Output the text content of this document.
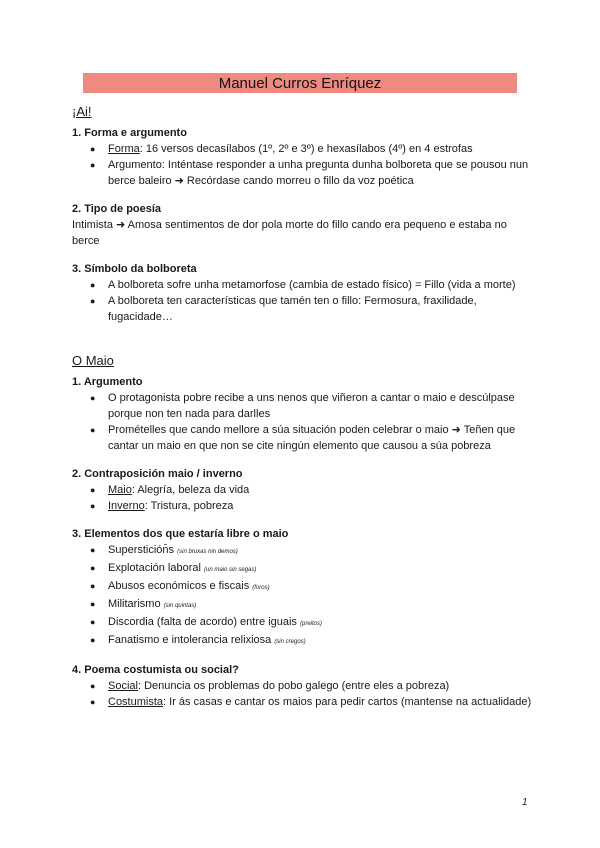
Manuel Curros Enríquez
¡Ai!

1. Forma e argumento

● Forma: 16 versos decasílabos (1º, 2º e 3º) e hexasílabos (4º) en 4 estrofas
● Argumento: Inténtase responder a unha pregunta dunha bolboreta que se pousou nun berce baleiro ➜ Recórdase cando morreu o fillo da voz poética

2. Tipo de poesía

Intimista ➜ Amosa sentimentos de dor pola morte do fillo cando era pequeno e estaba no berce

3. Símbolo da bolboreta

● A bolboreta sofre unha metamorfose (cambia de estado físico) = Fillo (vida a morte)
● A bolboreta ten características que tamén ten o fillo: Fermosura, fraxilidade, fugacidade…
O Maio

1. Argumento

● O protagonista pobre recibe a uns nenos que viñeron a cantar o maio e descúlpase porque non ten nada para darlles
● Promételles que cando mellore a súa situación poden celebrar o maio ➜ Teñen que cantar un maio en que non se cite ningún elemento que causou a súa pobreza

2. Contraposición maio / inverno

● Maio: Alegría, beleza da vida
● Inverno: Tristura, pobreza

3. Elementos dos que estaría libre o maio

● Superstición̄s (sin bruxas nin demos)
● Explotación laboral (un maio sin segas)
● Abusos económicos e fiscais (foros)
● Militarismo (sin quintas)
● Discordia (falta de acordo) entre iguais (preitos)
● Fanatismo e intolerancia relixiosa (sin cregos)

4. Poema costumista ou social?

● Social: Denuncia os problemas do pobo galego (entre eles a pobreza)
● Costumista: Ir ás casas e cantar os maios para pedir cartos (mantense na actualidade)
1
